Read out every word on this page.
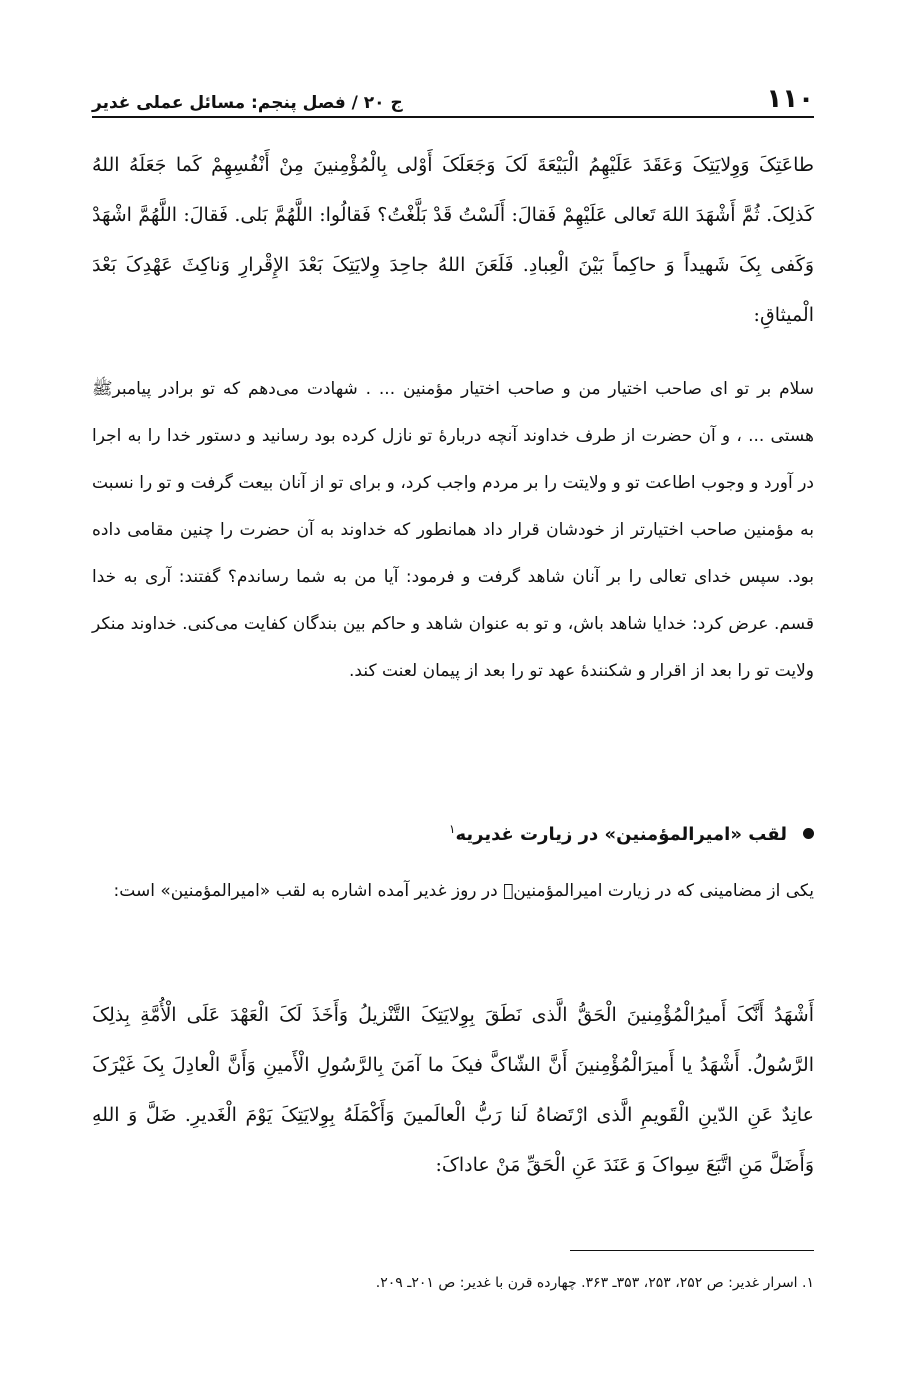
۱۱۰
ج ۲۰ / فصل پنجم: مسائل عملی غدیر

طاعَتِکَ وَوِلایَتِکَ وَعَقَدَ عَلَیْهِمُ الْبَیْعَةَ لَکَ وَجَعَلَکَ أَوْلی بِالْمُؤْمِنینَ مِنْ أَنْفُسِهِمْ کَما جَعَلَهُ اللهُ کَذلِکَ. ثُمَّ أَشْهَدَ اللهَ تَعالی عَلَیْهِمْ فَقالَ: أَلَسْتُ قَدْ بَلَّغْتُ؟ فَقالُوا: اللَّهُمَّ بَلی. فَقالَ: اللَّهُمَّ اشْهَدْ وَکَفی بِکَ شَهیداً وَ حاکِماً بَیْنَ الْعِبادِ. فَلَعَنَ اللهُ جاحِدَ وِلایَتِکَ بَعْدَ الإِقْرارِ وَناکِثَ عَهْدِکَ بَعْدَ الْمیثاقِ:

سلام بر تو ای صاحب اختیار من و صاحب اختیار مؤمنین ... . شهادت می‌دهم که تو برادر پیامبرﷺ هستی ... ، و آن حضرت از طرف خداوند آنچه دربارهٔ تو نازل کرده بود رسانید و دستور خدا را به اجرا در آورد و وجوب اطاعت تو و ولایتت را بر مردم واجب کرد، و برای تو از آنان بیعت گرفت و تو را نسبت به مؤمنین صاحب اختیارتر از خودشان قرار داد همانطور که خداوند به آن حضرت را چنین مقامی داده بود. سپس خدای تعالی را بر آنان شاهد گرفت و فرمود: آیا من به شما رساندم؟ گفتند: آری به خدا قسم. عرض کرد: خدایا شاهد باش، و تو به عنوان شاهد و حاکم بین بندگان کفایت می‌کنی. خداوند منکر ولایت تو را بعد از اقرار و شکنندهٔ عهد تو را بعد از پیمان لعنت کند.

لقب «امیرالمؤمنین» در زیارت غدیریه$^۱$

یکی از مضامینی که در زیارت امیرالمؤمنینؑ در روز غدیر آمده اشاره به لقب «امیرالمؤمنین» است:

أَشْهَدُ أَنَّکَ أَمیرُالْمُؤْمِنینَ الْحَقُّ الَّذی نَطَقَ بِوِلایَتِکَ التَّنْزیلُ وَأَخَذَ لَکَ الْعَهْدَ عَلَی الْأُمَّةِ بِذلِکَ الرَّسُولُ. أَشْهَدُ یا أَمیرَالْمُؤْمِنینَ أَنَّ الشّاکَّ فیکَ ما آمَنَ بِالرَّسُولِ الْأَمینِ وَأَنَّ الْعادِلَ بِکَ غَیْرَکَ عانِدٌ عَنِ الدّینِ الْقَویمِ الَّذی ارْتَضاهُ لَنا رَبُّ الْعالَمینَ وَأَکْمَلَهُ بِوِلایَتِکَ یَوْمَ الْغَدیرِ. ضَلَّ وَ اللهِ وَأَضَلَّ مَنِ اتَّبَعَ سِواکَ وَ عَنَدَ عَنِ الْحَقِّ مَنْ عاداکَ:

۱. اسرار غدیر: ص ۲۵۲، ۲۵۳، ۳۵۳ـ ۳۶۳. چهارده قرن با غدیر: ص ۲۰۱ـ ۲۰۹.
